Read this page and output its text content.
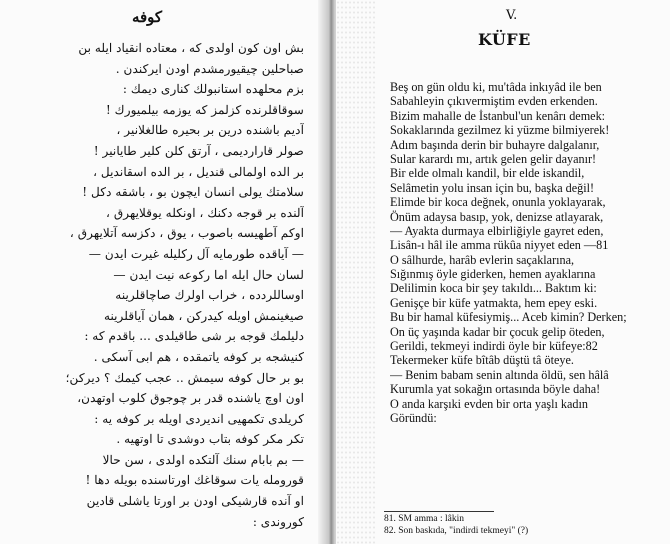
كوفه
بش اون كون اولدى كه ، معتاده انقياد ايله بن
صباحلين چيقيورمشدم اودن ايركندن .
بزم محلهده استانبولك كنارى ديمك :
سوقاقلرنده كزلمز كه يوزمه بيلميورك !
آديم باشنده درين بر بحيره طالغلانير ،
صولر قارارديمى ، آرتق كلن كلير طايانير !
بر الده اولمالى قنديل ، بر الده اسقانديل ،
سلامتك يولى انسان ايچون بو ، باشقه دكل !
آلنده بر قوجه دكنك ، اونكله يوقلايهرق ،
اوكم آطهيسه باصوب ، يوق ، دكزسه آتلايهرق ،
— آياقده طورمايه آل ركليله غيرت ايدن —
لسان حال ايله اما ركوعه نيت ايدن —
اوساللردده ، خراب اولرك صاچاقلرينه
صيغينمش اويله كيدركن ، همان آياقلرينه
دليلمك قوجه بر شى طاقيلدى ... باقدم كه :
كنيشجه بر كوفه ياتمقده ، هم ابى آسكى .
بو بر حال كوفه سيمش .. عجب كيمك ؟ ديركن؛
اون اوچ ياشنده قدر بر چوجوق كلوب اوتهدن،
كريلدى تكمهيى انديردى اويله بر كوفه يه :
تكر مكر كوفه بتاب دوشدى تا اوتهيه .
— بم بابام سنك آلتكده اولدى ، سن حالا
قورومله يات سوقاغك اورتاسنده بويله دها !
او آنده قارشيكى اودن بر اورتا ياشلى قادين
كوروندى :
V.
KÜFE
Beş on gün oldu ki, mu'tâda inkıyâd ile ben
Sabahleyin çıkıvermiştim evden erkenden.
Bizim mahalle de İstanbul'un kenârı demek:
Sokaklarında gezilmez ki yüzme bilmiyerek!
Adım başında derin bir buhayre dalgalanır,
Sular karardı mı, artık gelen gelir dayanır!
Bir elde olmalı kandil, bir elde iskandil,
Selâmetin yolu insan için bu, başka değil!
Elimde bir koca değnek, onunla yoklayarak,
Önüm adaysa basıp, yok, denizse atlayarak,
— Ayakta durmaya elbirliğiyle gayret eden,
Lisân-ı hâl ile amma rükûa niyyet eden —81
O sâlhurde, harâb evlerin saçaklarına,
Sığınmış öyle giderken, hemen ayaklarına
Delilimin koca bir şey takıldı... Baktım ki:
Genişçe bir küfe yatmakta, hem epey eski.
Bu bir hamal küfesiymiş... Aceb kimin? Derken;
On üç yaşında kadar bir çocuk gelip öteden,
Gerildi, tekmeyi indirdi öyle bir küfeye:82
Tekermeker küfe bîtâb düştü tâ öteye.
— Benim babam senin altında öldü, sen hâlâ
Kurumla yat sokağın ortasında böyle daha!
O anda karşıki evden bir orta yaşlı kadın
Göründü:
81. SM amma : lâkin
82. Son baskıda, "indirdi tekmeyi" (?)
